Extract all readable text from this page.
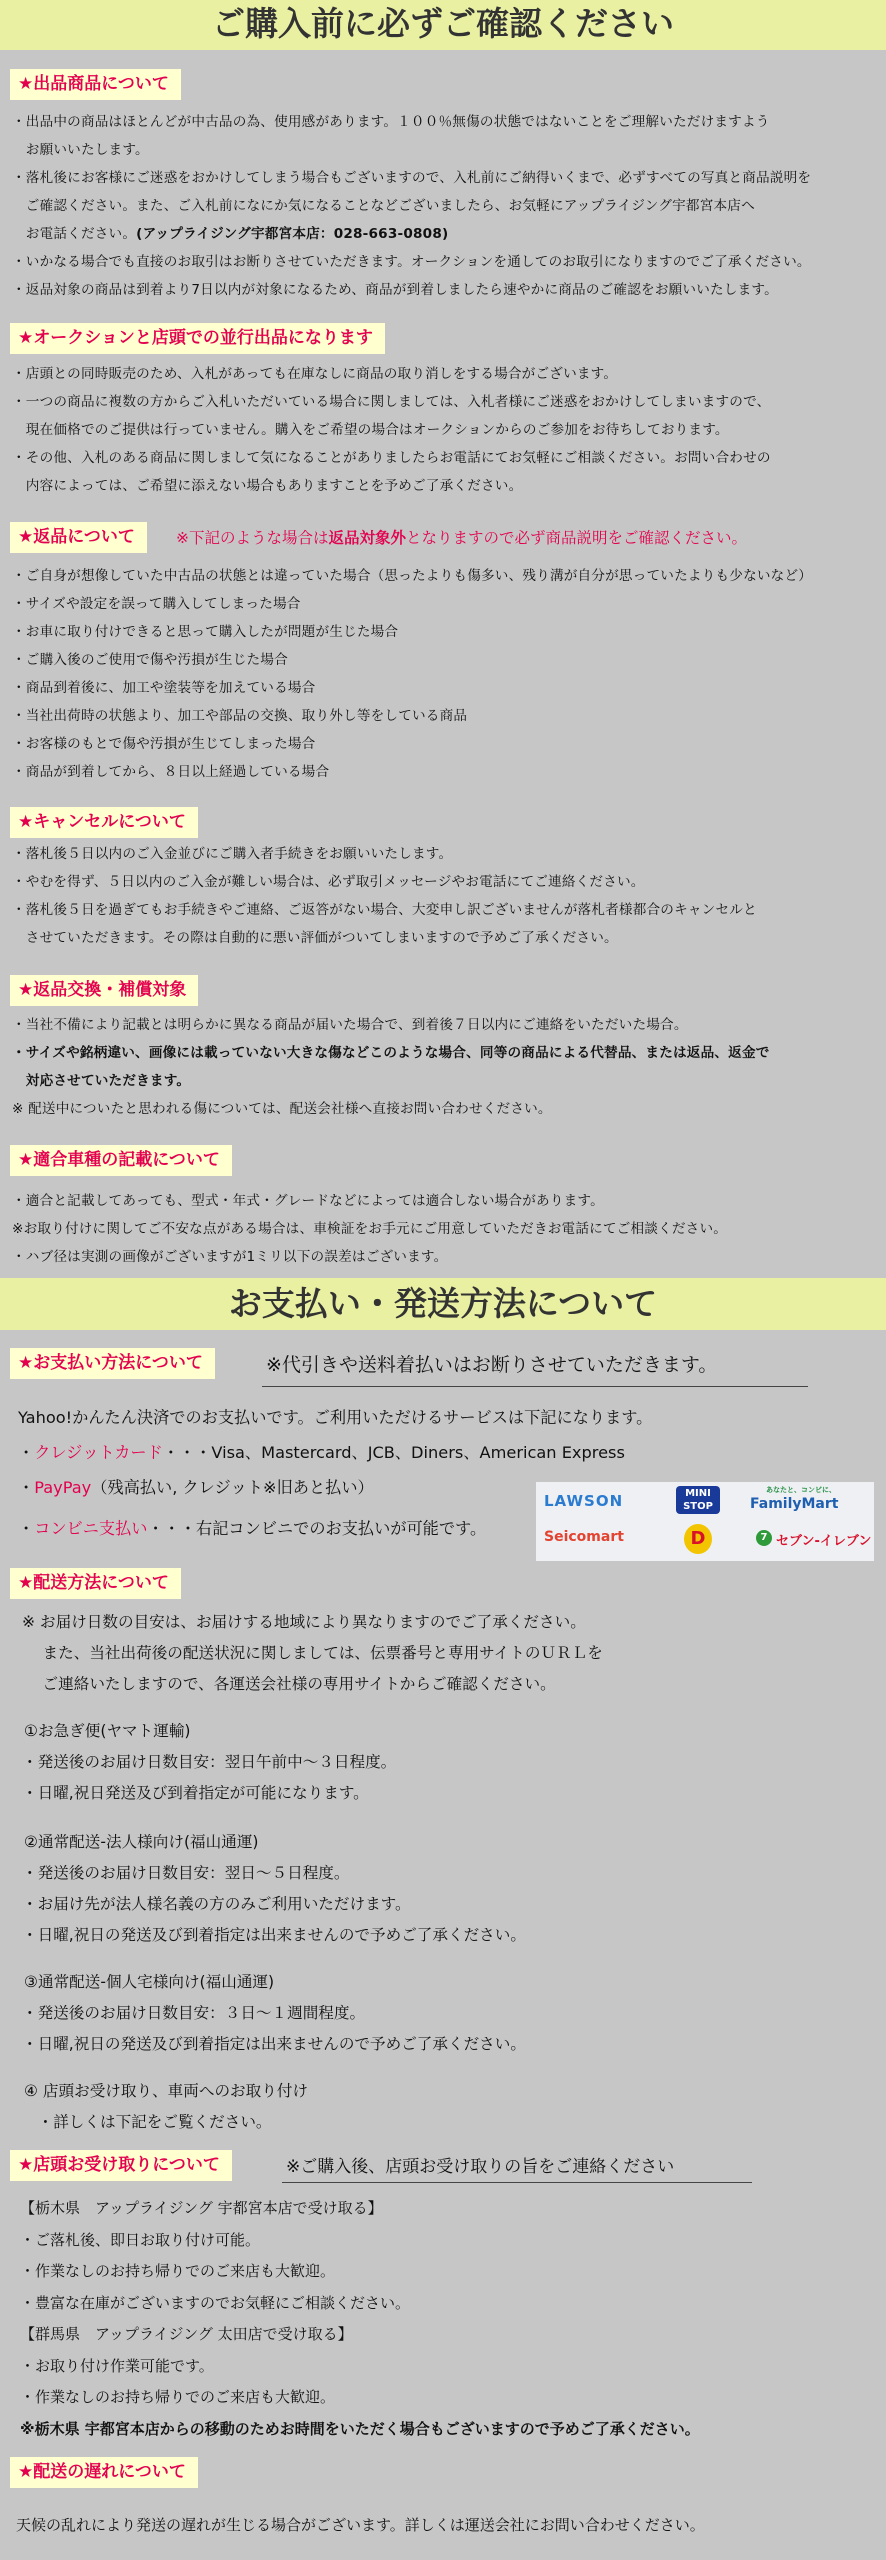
ご購入前に必ずご確認ください
★出品商品について
・出品中の商品はほとんどが中古品の為、使用感があります。１００％無傷の状態ではないことをご理解いただけますよう
　お願いいたします。
・落札後にお客様にご迷惑をおかけしてしまう場合もございますので、入札前にご納得いくまで、必ずすべての写真と商品説明を
　ご確認ください。また、ご入札前になにか気になることなどございましたら、お気軽にアップライジング宇都宮本店へ
　お電話ください。(アップライジング宇都宮本店：028-663-0808)
・いかなる場合でも直接のお取引はお断りさせていただきます。オークションを通してのお取引になりますのでご了承ください。
・返品対象の商品は到着より7日以内が対象になるため、商品が到着しましたら速やかに商品のご確認をお願いいたします。
★オークションと店頭での並行出品になります
・店頭との同時販売のため、入札があっても在庫なしに商品の取り消しをする場合がございます。
・一つの商品に複数の方からご入札いただいている場合に関しましては、入札者様にご迷惑をおかけしてしまいますので、
　現在価格でのご提供は行っていません。購入をご希望の場合はオークションからのご参加をお待ちしております。
・その他、入札のある商品に関しまして気になることがありましたらお電話にてお気軽にご相談ください。お問い合わせの
　内容によっては、ご希望に添えない場合もありますことを予めご了承ください。
★返品について	※下記のような場合は返品対象外となりますので必ず商品説明をご確認ください。
・ご自身が想像していた中古品の状態とは違っていた場合（思ったよりも傷多い、残り溝が自分が思っていたよりも少ないなど）
・サイズや設定を誤って購入してしまった場合
・お車に取り付けできると思って購入したが問題が生じた場合
・ご購入後のご使用で傷や汚損が生じた場合
・商品到着後に、加工や塗装等を加えている場合
・当社出荷時の状態より、加工や部品の交換、取り外し等をしている商品
・お客様のもとで傷や汚損が生じてしまった場合
・商品が到着してから、８日以上経過している場合
★キャンセルについて
・落札後５日以内のご入金並びにご購入者手続きをお願いいたします。
・やむを得ず、５日以内のご入金が難しい場合は、必ず取引メッセージやお電話にてご連絡ください。
・落札後５日を過ぎてもお手続きやご連絡、ご返答がない場合、大変申し訳ございませんが落札者様都合のキャンセルと
　させていただきます。その際は自動的に悪い評価がついてしまいますので予めご了承ください。
★返品交換・補償対象
・当社不備により記載とは明らかに異なる商品が届いた場合で、到着後７日以内にご連絡をいただいた場合。
・サイズや銘柄違い、画像には載っていない大きな傷などこのような場合、同等の商品による代替品、または返品、返金で
　対応させていただきます。
※ 配送中についたと思われる傷については、配送会社様へ直接お問い合わせください。
★適合車種の記載について
・適合と記載してあっても、型式・年式・グレードなどによっては適合しない場合があります。
※お取り付けに関してご不安な点がある場合は、車検証をお手元にご用意していただきお電話にてご相談ください。
・ハブ径は実測の画像がございますが1ミリ以下の誤差はございます。
お支払い・発送方法について
★お支払い方法について	※代引きや送料着払いはお断りさせていただきます。
Yahoo!かんたん決済でのお支払いです。ご利用いただけるサービスは下記になります。
・クレジットカード・・・Visa、Mastercard、JCB、Diners、American Express
・PayPay（残高払い, クレジット※旧あと払い）
・コンビニ支払い・・・右記コンビニでのお支払いが可能です。
LAWSON	MINI
STOP
あなたと、コンビに、
FamilyMart
Seicomart	D	7 セブン-イレブン
★配送方法について
※ お届け日数の目安は、お届けする地域により異なりますのでご了承ください。
　 また、当社出荷後の配送状況に関しましては、伝票番号と専用サイトのＵＲＬを
　 ご連絡いたしますので、各運送会社様の専用サイトからご確認ください。
①お急ぎ便(ヤマト運輸)
・発送後のお届け日数目安：翌日午前中～３日程度。
・日曜,祝日発送及び到着指定が可能になります。
②通常配送-法人様向け(福山通運)
・発送後のお届け日数目安：翌日～５日程度。
・お届け先が法人様名義の方のみご利用いただけます。
・日曜,祝日の発送及び到着指定は出来ませんので予めご了承ください。
③通常配送-個人宅様向け(福山通運)
・発送後のお届け日数目安：３日～１週間程度。
・日曜,祝日の発送及び到着指定は出来ませんので予めご了承ください。
④ 店頭お受け取り、車両へのお取り付け
　・詳しくは下記をご覧ください。
★店頭お受け取りについて	※ご購入後、店頭お受け取りの旨をご連絡ください
【栃木県　アップライジング 宇都宮本店で受け取る】
・ご落札後、即日お取り付け可能。
・作業なしのお持ち帰りでのご来店も大歓迎。
・豊富な在庫がございますのでお気軽にご相談ください。
【群馬県　アップライジング 太田店で受け取る】
・お取り付け作業可能です。
・作業なしのお持ち帰りでのご来店も大歓迎。
※栃木県 宇都宮本店からの移動のためお時間をいただく場合もございますので予めご了承ください。
★配送の遅れについて
天候の乱れにより発送の遅れが生じる場合がございます。詳しくは運送会社にお問い合わせください。
